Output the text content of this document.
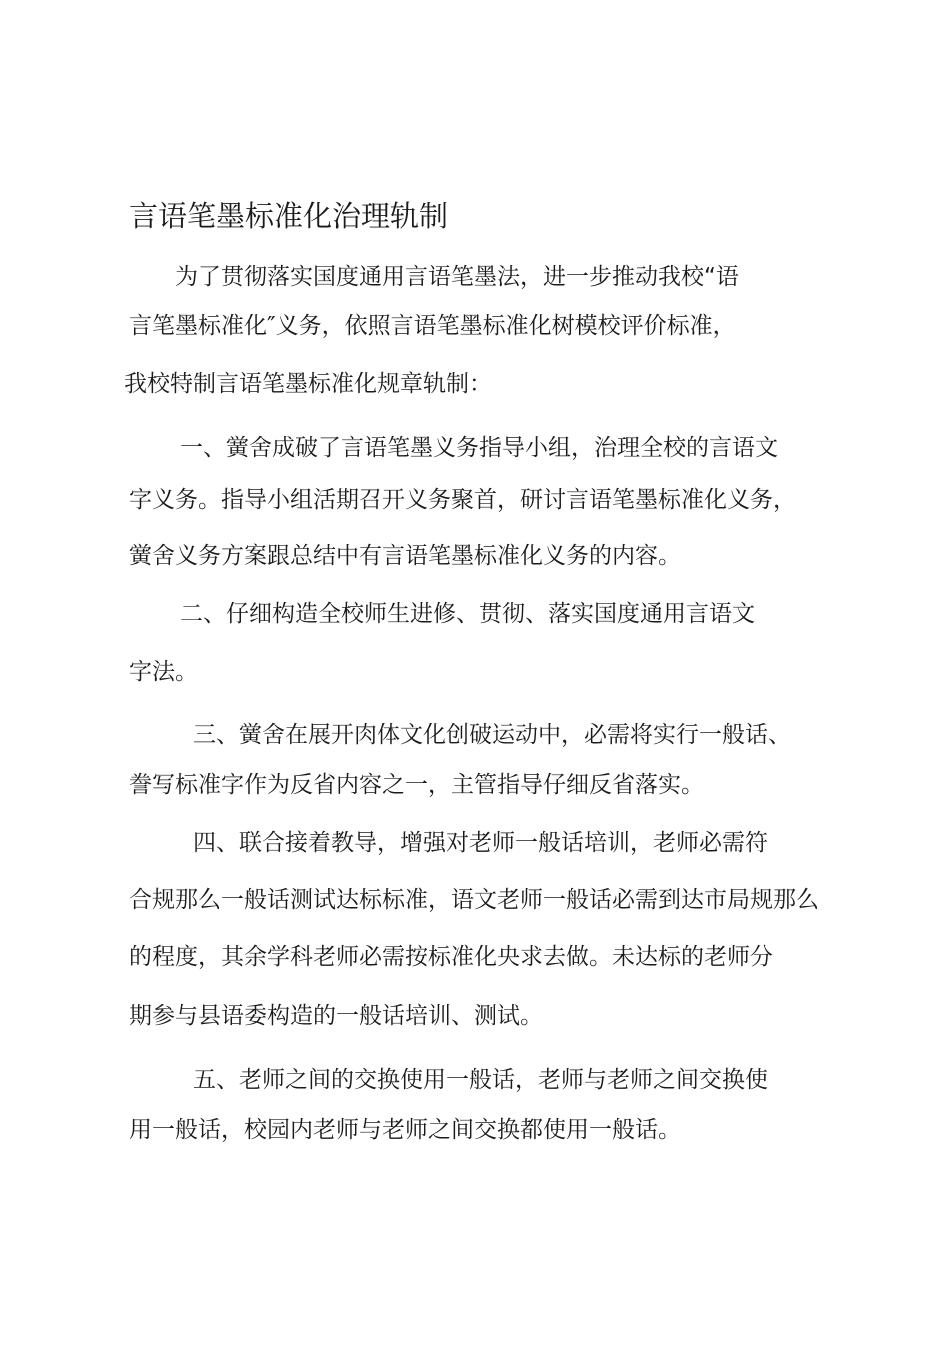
言语笔墨标准化治理轨制
为了贯彻落实国度通用言语笔墨法，进一步推动我校“语
言笔墨标准化″义务，依照言语笔墨标准化树模校评价标准，
我校特制言语笔墨标准化规章轨制：
一、黉舍成破了言语笔墨义务指导小组，治理全校的言语文
字义务。指导小组活期召开义务聚首，研讨言语笔墨标准化义务，
黉舍义务方案跟总结中有言语笔墨标准化义务的内容。
二、仔细构造全校师生进修、贯彻、落实国度通用言语文
字法。
三、黉舍在展开肉体文化创破运动中，必需将实行一般话、
誊写标准字作为反省内容之一，主管指导仔细反省落实。
四、联合接着教导，增强对老师一般话培训，老师必需符
合规那么一般话测试达标标准，语文老师一般话必需到达市局规那么
的程度，其余学科老师必需按标准化央求去做。未达标的老师分
期参与县语委构造的一般话培训、测试。
五、老师之间的交换使用一般话，老师与老师之间交换使
用一般话，校园内老师与老师之间交换都使用一般话。
